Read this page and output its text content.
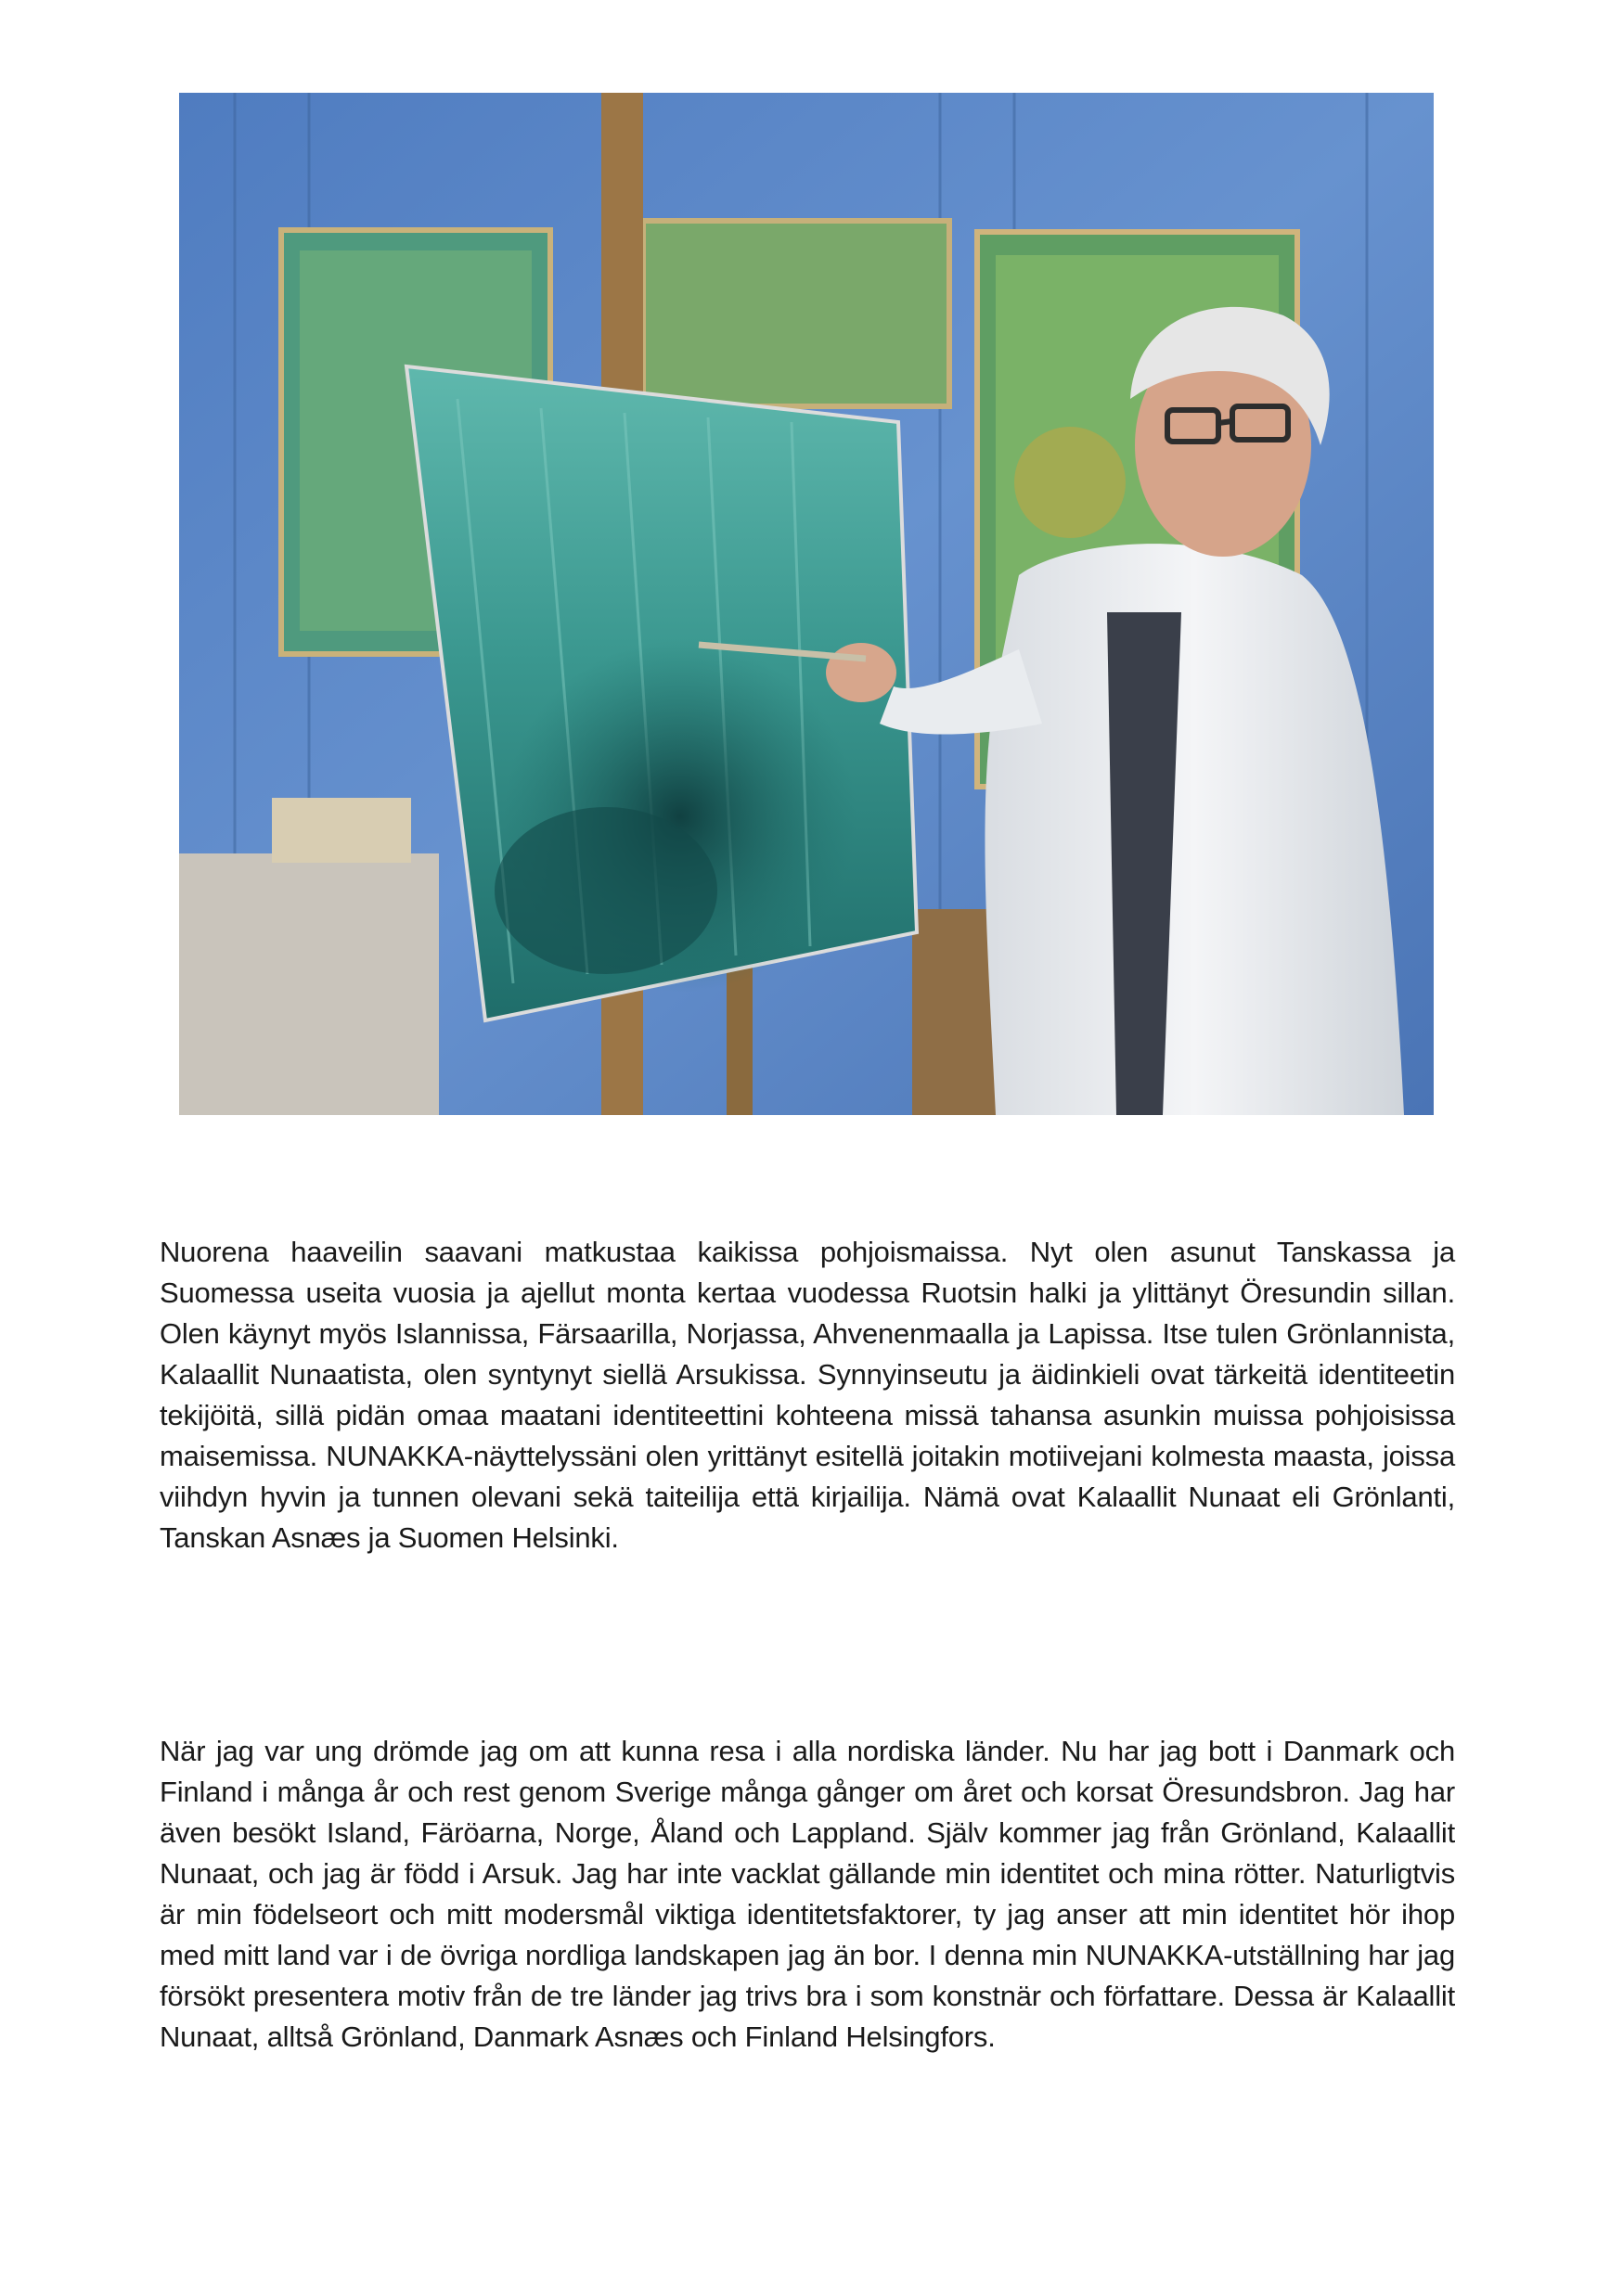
Nuorena haaveilin saavani matkustaa kaikissa pohjoismaissa. Nyt olen asunut Tanskassa ja Suomessa useita vuosia ja ajellut monta kertaa vuodessa Ruotsin halki ja ylittänyt Öresundin sillan. Olen käynyt myös Islannissa, Färsaarilla, Norjassa, Ahvenenmaalla ja Lapissa. Itse tulen Grönlannista, Kalaallit Nunaatista, olen syntynyt siellä Arsukissa. Synnyinseutu ja äidinkieli ovat tärkeitä identiteetin tekijöitä, sillä pidän omaa maatani identiteettini kohteena missä tahansa asunkin muissa pohjoisissa maisemissa. NUNAKKA-näyttelyssäni olen yrittänyt esitellä joitakin motiivejani kolmesta maasta, joissa viihdyn hyvin ja tunnen olevani sekä taiteilija että kirjailija. Nämä ovat Kalaallit Nunaat eli Grönlanti, Tanskan Asnæs ja Suomen Helsinki.

När jag var ung drömde jag om att kunna resa i alla nordiska länder. Nu har jag bott i Danmark och Finland i många år och rest genom Sverige många gånger om året och korsat Öresundsbron. Jag har även besökt Island, Färöarna, Norge, Åland och Lappland. Själv kommer jag från Grönland, Kalaallit Nunaat, och jag är född i Arsuk. Jag har inte vacklat gällande min identitet och mina rötter. Naturligtvis är min födelseort och mitt modersmål viktiga identitetsfaktorer, ty jag anser att min identitet hör ihop med mitt land var i de övriga nordliga landskapen jag än bor. I denna min NUNAKKA-utställning har jag försökt presentera motiv från de tre länder jag trivs bra i som konstnär och författare. Dessa är Kalaallit Nunaat, alltså Grönland, Danmark Asnæs och Finland Helsingfors.
